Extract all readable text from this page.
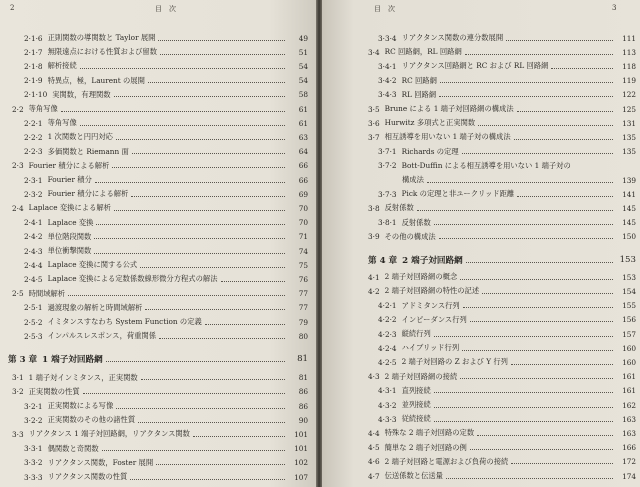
2	目　次
2·1·6 正則関数の導関数と Taylor 展開	49
2·1·7 無限遠点における性質および留数	51
2·1·8 解析接続	54
2·1·9 特異点，極，Laurent の展開	54
2·1·10 実関数，有理関数	58
2·2 等角写像	61
2·2·1 等角写像	61
2·2·2 1 次関数と円円対応	63
2·2·3 多価関数と Riemann 面	64
2·3 Fourier 積分による解析	66
2·3·1 Fourier 積分	66
2·3·2 Fourier 積分による解析	69
2·4 Laplace 変換による解析	70
2·4·1 Laplace 変換	70
2·4·2 単位階段関数	71
2·4·3 単位衝撃関数	74
2·4·4 Laplace 変換に関する公式	75
2·4·5 Laplace 変換による定数係数線形微分方程式の解法	76
2·5 時間域解析	77
2·5·1 過渡現象の解析と時間域解析	77
2·5·2 イミタンスすなわち System Function の定義	79
2·5·3 インパルスレスポンス，荷重関係	80
第 3 章 1 端子対回路網	81
3·1 1 端子対インミタンス，正実関数	81
3·2 正実関数の性質	86
3·2·1 正実関数による写像	86
3·2·2 正実関数のその他の諸性質	90
3·3 リアクタンス 1 端子対回路網，リアクタンス関数	101
3·3·1 偶関数と奇関数	101
3·3·2 リアクタンス関数，Foster 展開	102
3·3·3 リアクタンス関数の性質	107
目　次	3
3·3·4 リアクタンス関数の連分数展開	111
3·4 RC 回路網，RL 回路網	113
3·4·1 リアクタンス回路網と RC および RL 回路網	118
3·4·2 RC 回路網	119
3·4·3 RL 回路網	122
3·5 Brune による 1 端子対回路網の構成法	125
3·6 Hurwitz 多項式と正実関数	131
3·7 相互誘導を用いない 1 端子対の構成法	135
3·7·1 Richards の定理	135
3·7·2 Bott-Duffin による相互誘導を用いない 1 端子対の
構成法	139
3·7·3 Pick の定理と非ユークリッド距離	141
3·8 反射係数	145
3·8·1 反射係数	145
3·9 その他の構成法	150
第 4 章 2 端子対回路網	153
4·1 2 端子対回路網の概念	153
4·2 2 端子対回路網の特性の記述	154
4·2·1 アドミタンス行列	155
4·2·2 インピーダンス行列	156
4·2·3 縦続行列	157
4·2·4 ハイブリッド行列	160
4·2·5 2 端子対回路の Z および Y 行列	160
4·3 2 端子対回路網の接続	161
4·3·1 直列接続	161
4·3·2 並列接続	162
4·3·3 従続接続	163
4·4 特殊な 2 端子対回路の定数	163
4·5 簡単な 2 端子対回路の例	166
4·6 2 端子対回路と電源および負荷の接続	172
4·7 伝送係数と伝送量	174
